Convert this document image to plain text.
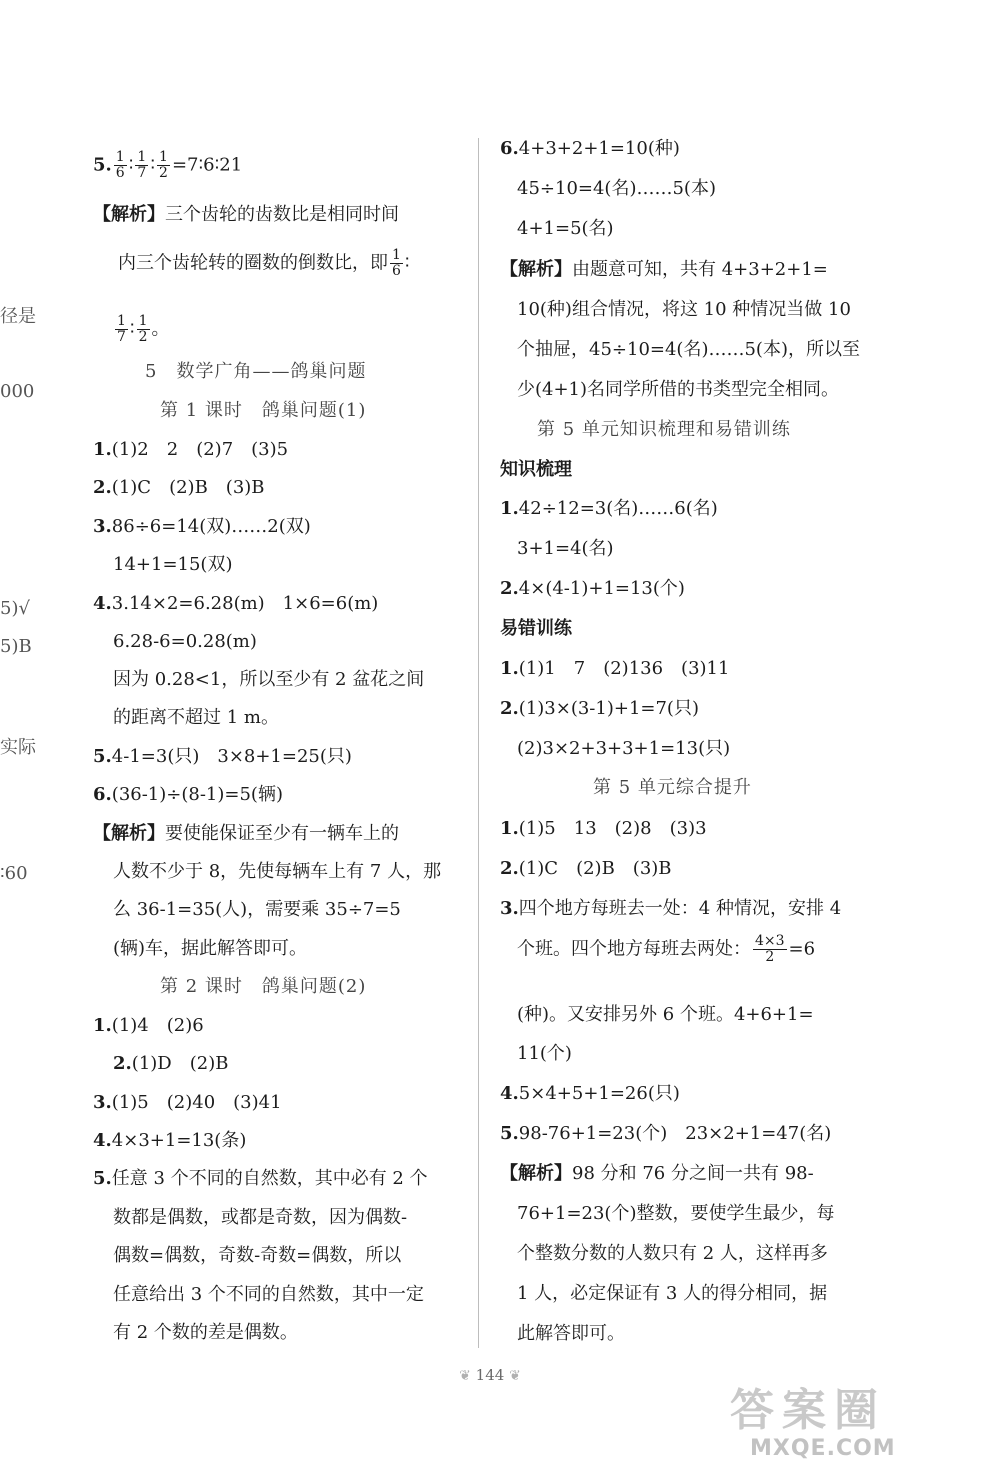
径是
000
5)√
5)B
实际
∶60
5. $\frac{1}{6}$ ∶ $\frac{1}{7}$ ∶ $\frac{1}{2}$ =7∶6∶21
【解析】三个齿轮的齿数比是相同时间
内三个齿轮转的圈数的倒数比，即 $\frac{1}{6}$ ∶
$\frac{1}{7}$ ∶ $\frac{1}{2}$ 。
5　数学广角——鸽巢问题
第 1 课时　鸽巢问题(1)
1.(1)2　2　(2)7　(3)5
2.(1)C　(2)B　(3)B
3.86÷6=14(双)……2(双)
14+1=15(双)
4.3.14×2=6.28(m)　1×6=6(m)
6.28-6=0.28(m)
因为 0.28<1，所以至少有 2 盆花之间
的距离不超过 1 m。
5.4-1=3(只)　3×8+1=25(只)
6.(36-1)÷(8-1)=5(辆)
【解析】要使能保证至少有一辆车上的
人数不少于 8，先使每辆车上有 7 人，那
么 36-1=35(人)，需要乘 35÷7=5
(辆)车，据此解答即可。
第 2 课时　鸽巢问题(2)
1.(1)4　(2)6
2.(1)D　(2)B
3.(1)5　(2)40　(3)41
4.4×3+1=13(条)
5.任意 3 个不同的自然数，其中必有 2 个
数都是偶数，或都是奇数，因为偶数-
偶数=偶数，奇数-奇数=偶数，所以
任意给出 3 个不同的自然数，其中一定
有 2 个数的差是偶数。
6.4+3+2+1=10(种)
45÷10=4(名)……5(本)
4+1=5(名)
【解析】由题意可知，共有 4+3+2+1=
10(种)组合情况，将这 10 种情况当做 10
个抽屉，45÷10=4(名)……5(本)，所以至
少(4+1)名同学所借的书类型完全相同。
第 5 单元知识梳理和易错训练
知识梳理
1.42÷12=3(名)……6(名)
3+1=4(名)
2.4×(4-1)+1=13(个)
易错训练
1.(1)1　7　(2)136　(3)11
2.(1)3×(3-1)+1=7(只)
(2)3×2+3+3+1=13(只)
第 5 单元综合提升
1.(1)5　13　(2)8　(3)3
2.(1)C　(2)B　(3)B
3.四个地方每班去一处：4 种情况，安排 4
个班。四个地方每班去两处： $\frac{4\times 3}{2} =6$
(种)。又安排另外 6 个班。4+6+1=
11(个)
4.5×4+5+1=26(只)
5.98-76+1=23(个)　23×2+1=47(名)
【解析】98 分和 76 分之间一共有 98-
76+1=23(个)整数，要使学生最少，每
个整数分数的人数只有 2 人，这样再多
1 人，必定保证有 3 人的得分相同，据
此解答即可。
❦ 144 ❦
答案圈
MXQE.COM
